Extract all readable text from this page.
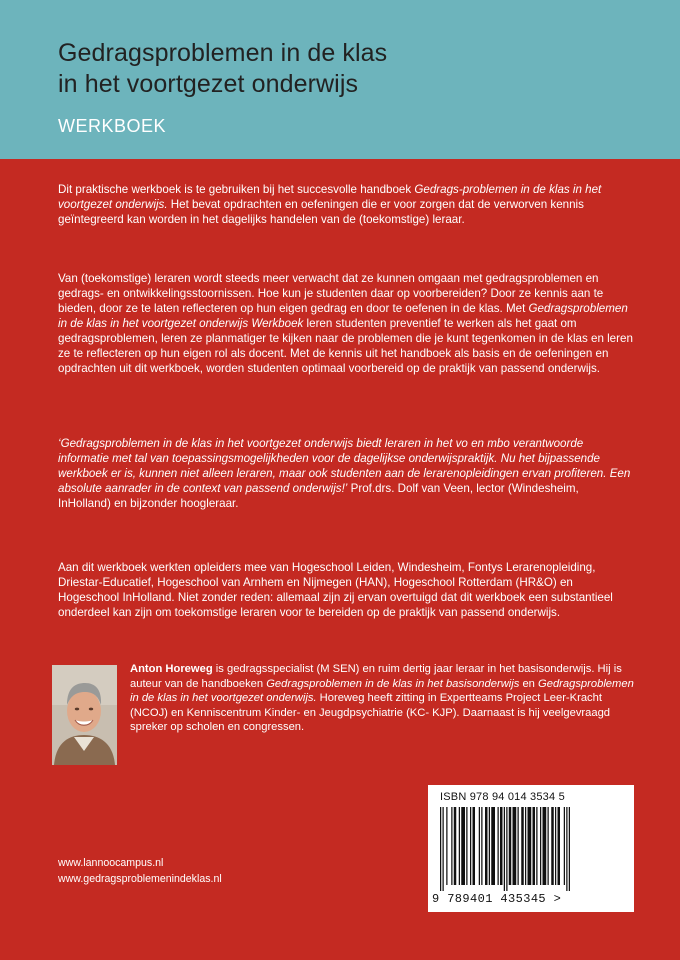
Gedragsproblemen in de klas
in het voortgezet onderwijs
WERKBOEK

Dit praktische werkboek is te gebruiken bij het succesvolle handboek Gedrags-problemen in de klas in het voortgezet onderwijs. Het bevat opdrachten en oefeningen die er voor zorgen dat de verworven kennis geïntegreerd kan worden in het dagelijks handelen van de (toekomstige) leraar.

Van (toekomstige) leraren wordt steeds meer verwacht dat ze kunnen omgaan met gedragsproblemen en gedrags- en ontwikkelingsstoornissen. Hoe kun je studenten daar op voorbereiden? Door ze kennis aan te bieden, door ze te laten reflecteren op hun eigen gedrag en door te oefenen in de klas. Met Gedragsproblemen in de klas in het voortgezet onderwijs Werkboek leren studenten preventief te werken als het gaat om gedragsproblemen, leren ze planmatiger te kijken naar de problemen die je kunt tegenkomen in de klas en leren ze te reflecteren op hun eigen rol als docent. Met de kennis uit het handboek als basis en de oefeningen en opdrachten uit dit werkboek, worden studenten optimaal voorbereid op de praktijk van passend onderwijs.

‘Gedragsproblemen in de klas in het voortgezet onderwijs biedt leraren in het vo en mbo verantwoorde informatie met tal van toepassingsmogelijkheden voor de dagelijkse onderwijspraktijk. Nu het bijpassende werkboek er is, kunnen niet alleen leraren, maar ook studenten aan de lerarenopleidingen ervan profiteren. Een absolute aanrader in de context van passend onderwijs!’ Prof.drs. Dolf van Veen, lector (Windesheim, InHolland) en bijzonder hoogleraar.

Aan dit werkboek werkten opleiders mee van Hogeschool Leiden, Windesheim, Fontys Lerarenopleiding, Driestar-Educatief, Hogeschool van Arnhem en Nijmegen (HAN), Hogeschool Rotterdam (HR&O) en Hogeschool InHolland. Niet zonder reden: allemaal zijn zij ervan overtuigd dat dit werkboek een substantieel onderdeel kan zijn om toekomstige leraren voor te bereiden op de praktijk van passend onderwijs.

Anton Horeweg is gedragsspecialist (M SEN) en ruim dertig jaar leraar in het basisonderwijs. Hij is auteur van de handboeken Gedragsproblemen in de klas in het basisonderwijs en Gedragsproblemen in de klas in het voortgezet onderwijs. Horeweg heeft zitting in Expertteams Project Leer-Kracht (NCOJ) en Kenniscentrum Kinder- en Jeugdpsychiatrie (KC- KJP). Daarnaast is hij veelgevraagd spreker op scholen en congressen.
ISBN 978 94 014 3534 5
9 789401 435345 >
www.lannoocampus.nl
www.gedragsproblemenindeklas.nl
